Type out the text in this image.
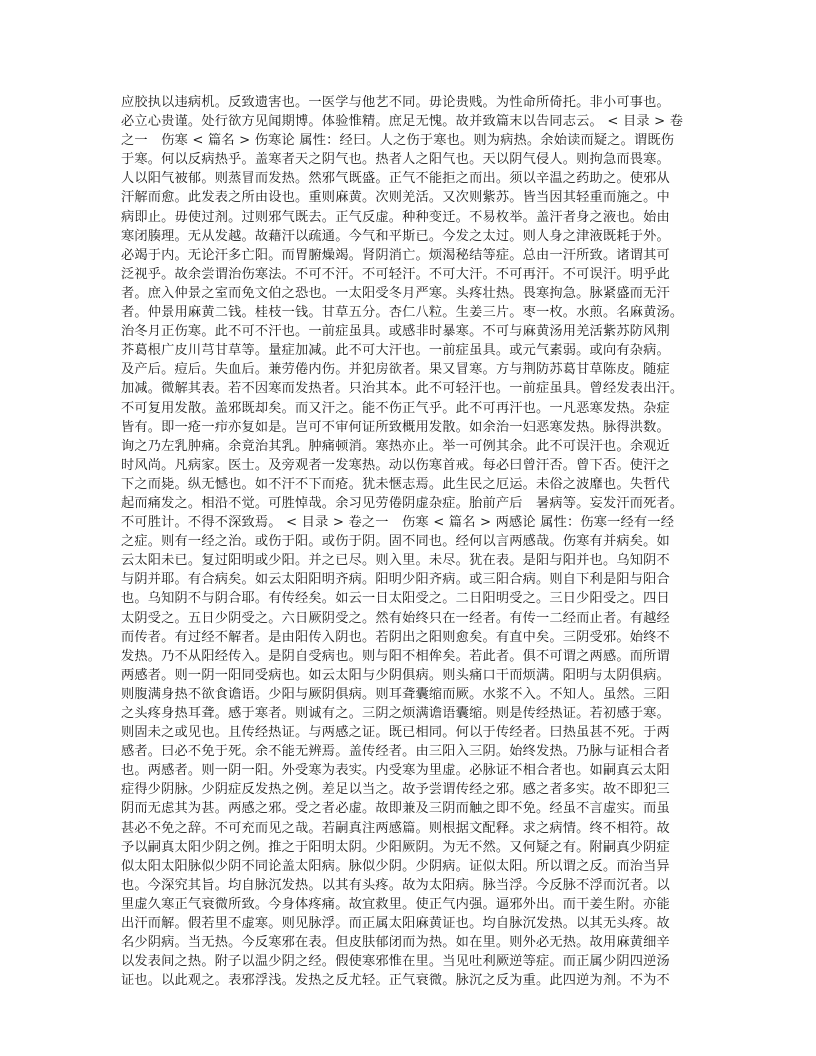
应胶执以违病机。反致遗害也。一医学与他艺不同。毋论贵贱。为性命所倚托。非小可事也。
必立心贵谨。处行欲方见闻期博。体验惟精。庶足无愧。故并致篇末以告同志云。 < 目录 > 卷
之一　伤寒 < 篇名 > 伤寒论 属性：经曰。人之伤于寒也。则为病热。余始读而疑之。谓既伤
于寒。何以反病热乎。盖寒者天之阴气也。热者人之阳气也。天以阴气侵人。则拘急而畏寒。
人以阳气被郁。则蒸冒而发热。然邪气既盛。正气不能拒之而出。须以辛温之药助之。使邪从
汗解而愈。此发表之所由设也。重则麻黄。次则羌活。又次则紫苏。皆当因其轻重而施之。中
病即止。毋使过剂。过则邪气既去。正气反虚。种种变迁。不易枚举。盖汗者身之液也。始由
寒闭腠理。无从发越。故藉汗以疏通。今气和平斯已。今发之太过。则人身之津液既耗于外。
必竭于内。无论汗多亡阳。而胃腑燥竭。肾阴消亡。烦渴秘结等症。总由一汗所致。诸谓其可
泛视乎。故余尝谓治伤寒法。不可不汗。不可轻汗。不可大汗。不可再汗。不可误汗。明乎此
者。庶入仲景之室而免文伯之恐也。一太阳受冬月严寒。头疼壮热。畏寒拘急。脉紧盛而无汗
者。仲景用麻黄二钱。桂枝一钱。甘草五分。杏仁八粒。生姜三片。枣一枚。水煎。名麻黄汤。
治冬月正伤寒。此不可不汗也。一前症虽具。或感非时暴寒。不可与麻黄汤用羌活紫苏防风荆
芥葛根广皮川芎甘草等。量症加减。此不可大汗也。一前症虽具。或元气素弱。或向有杂病。
及产后。痘后。失血后。兼劳倦内伤。并犯房欲者。果又冒寒。方与荆防苏葛甘草陈皮。随症
加减。微解其表。若不因寒而发热者。只治其本。此不可轻汗也。一前症虽具。曾经发表出汗。
不可复用发散。盖邪既却矣。而又汗之。能不伤正气乎。此不可再汗也。一凡恶寒发热。杂症
皆有。即一疮一疖亦复如是。岂可不审何证所致概用发散。如余治一妇恶寒发热。脉得洪数。
询之乃左乳肿痛。余竟治其乳。肿痛顿消。寒热亦止。举一可例其余。此不可误汗也。余观近
时风尚。凡病家。医士。及旁观者一发寒热。动以伤寒首戒。每必曰曾汗否。曾下否。使汗之
下之而毙。纵无憾也。如不汗不下而疮。犹未惬志焉。此生民之厄运。未俗之波靡也。失哲代
起而痛发之。相沿不觉。可胜悼哉。余习见劳倦阴虚杂症。胎前产后　暑病等。妄发汗而死者。
不可胜计。不得不深致焉。 < 目录 > 卷之一　伤寒 < 篇名 > 两感论 属性：伤寒一经有一经
之症。则有一经之治。或伤于阳。或伤于阴。固不同也。经何以言两感哉。伤寒有并病矣。如
云太阳未已。复过阳明或少阳。并之已尽。则入里。未尽。犹在表。是阳与阳并也。乌知阴不
与阴并耶。有合病矣。如云太阳阳明齐病。阳明少阳齐病。或三阳合病。则自下利是阳与阳合
也。乌知阴不与阴合耶。有传经矣。如云一日太阳受之。二日阳明受之。三日少阳受之。四日
太阴受之。五日少阴受之。六日厥阴受之。然有始终只在一经者。有传一二经而止者。有越经
而传者。有过经不解者。是由阳传入阴也。若阴出之阳则愈矣。有直中矣。三阴受邪。始终不
发热。乃不从阳经传入。是阴自受病也。则与阳不相侔矣。若此者。俱不可谓之两感。而所谓
两感者。则一阴一阳同受病也。如云太阳与少阴俱病。则头痛口干而烦满。阳明与太阴俱病。
则腹满身热不欲食谵语。少阳与厥阴俱病。则耳聋囊缩而厥。水浆不入。不知人。虽然。三阳
之头疼身热耳聋。感于寒者。则诚有之。三阴之烦满谵语囊缩。则是传经热证。若初感于寒。
则固未之或见也。且传经热证。与两感之证。既已相同。何以于传经者。曰热虽甚不死。于两
感者。曰必不免于死。余不能无辨焉。盖传经者。由三阳入三阴。始终发热。乃脉与证相合者
也。两感者。则一阴一阳。外受寒为表实。内受寒为里虚。必脉证不相合者也。如嗣真云太阳
症得少阴脉。少阴症反发热之例。差足以当之。故予尝谓传经之邪。感之者多实。故不即犯三
阴而无虑其为甚。两感之邪。受之者必虚。故即兼及三阴而触之即不免。经虽不言虚实。而虽
甚必不免之辞。不可充而见之哉。若嗣真注两感篇。则根据文配释。求之病情。终不相符。故
予以嗣真太阳少阴之例。推之于阳明太阴。少阳厥阴。为无不然。又何疑之有。附嗣真少阴症
似太阳太阳脉似少阴不同论盖太阳病。脉似少阴。少阴病。证似太阳。所以谓之反。而治当异
也。今深究其旨。均自脉沉发热。以其有头疼。故为太阳病。脉当浮。今反脉不浮而沉者。以
里虚久寒正气衰微所致。今身体疼痛。故宜救里。使正气内强。逼邪外出。而干姜生附。亦能
出汗而解。假若里不虚寒。则见脉浮。而正属太阳麻黄证也。均自脉沉发热。以其无头疼。故
名少阴病。当无热。今反寒邪在表。但皮肤郁闭而为热。如在里。则外必无热。故用麻黄细辛
以发表间之热。附子以温少阴之经。假使寒邪惟在里。当见吐利厥逆等症。而正属少阴四逆汤
证也。以此观之。表邪浮浅。发热之反尤轻。正气衰微。脉沉之反为重。此四逆为剂。不为不
